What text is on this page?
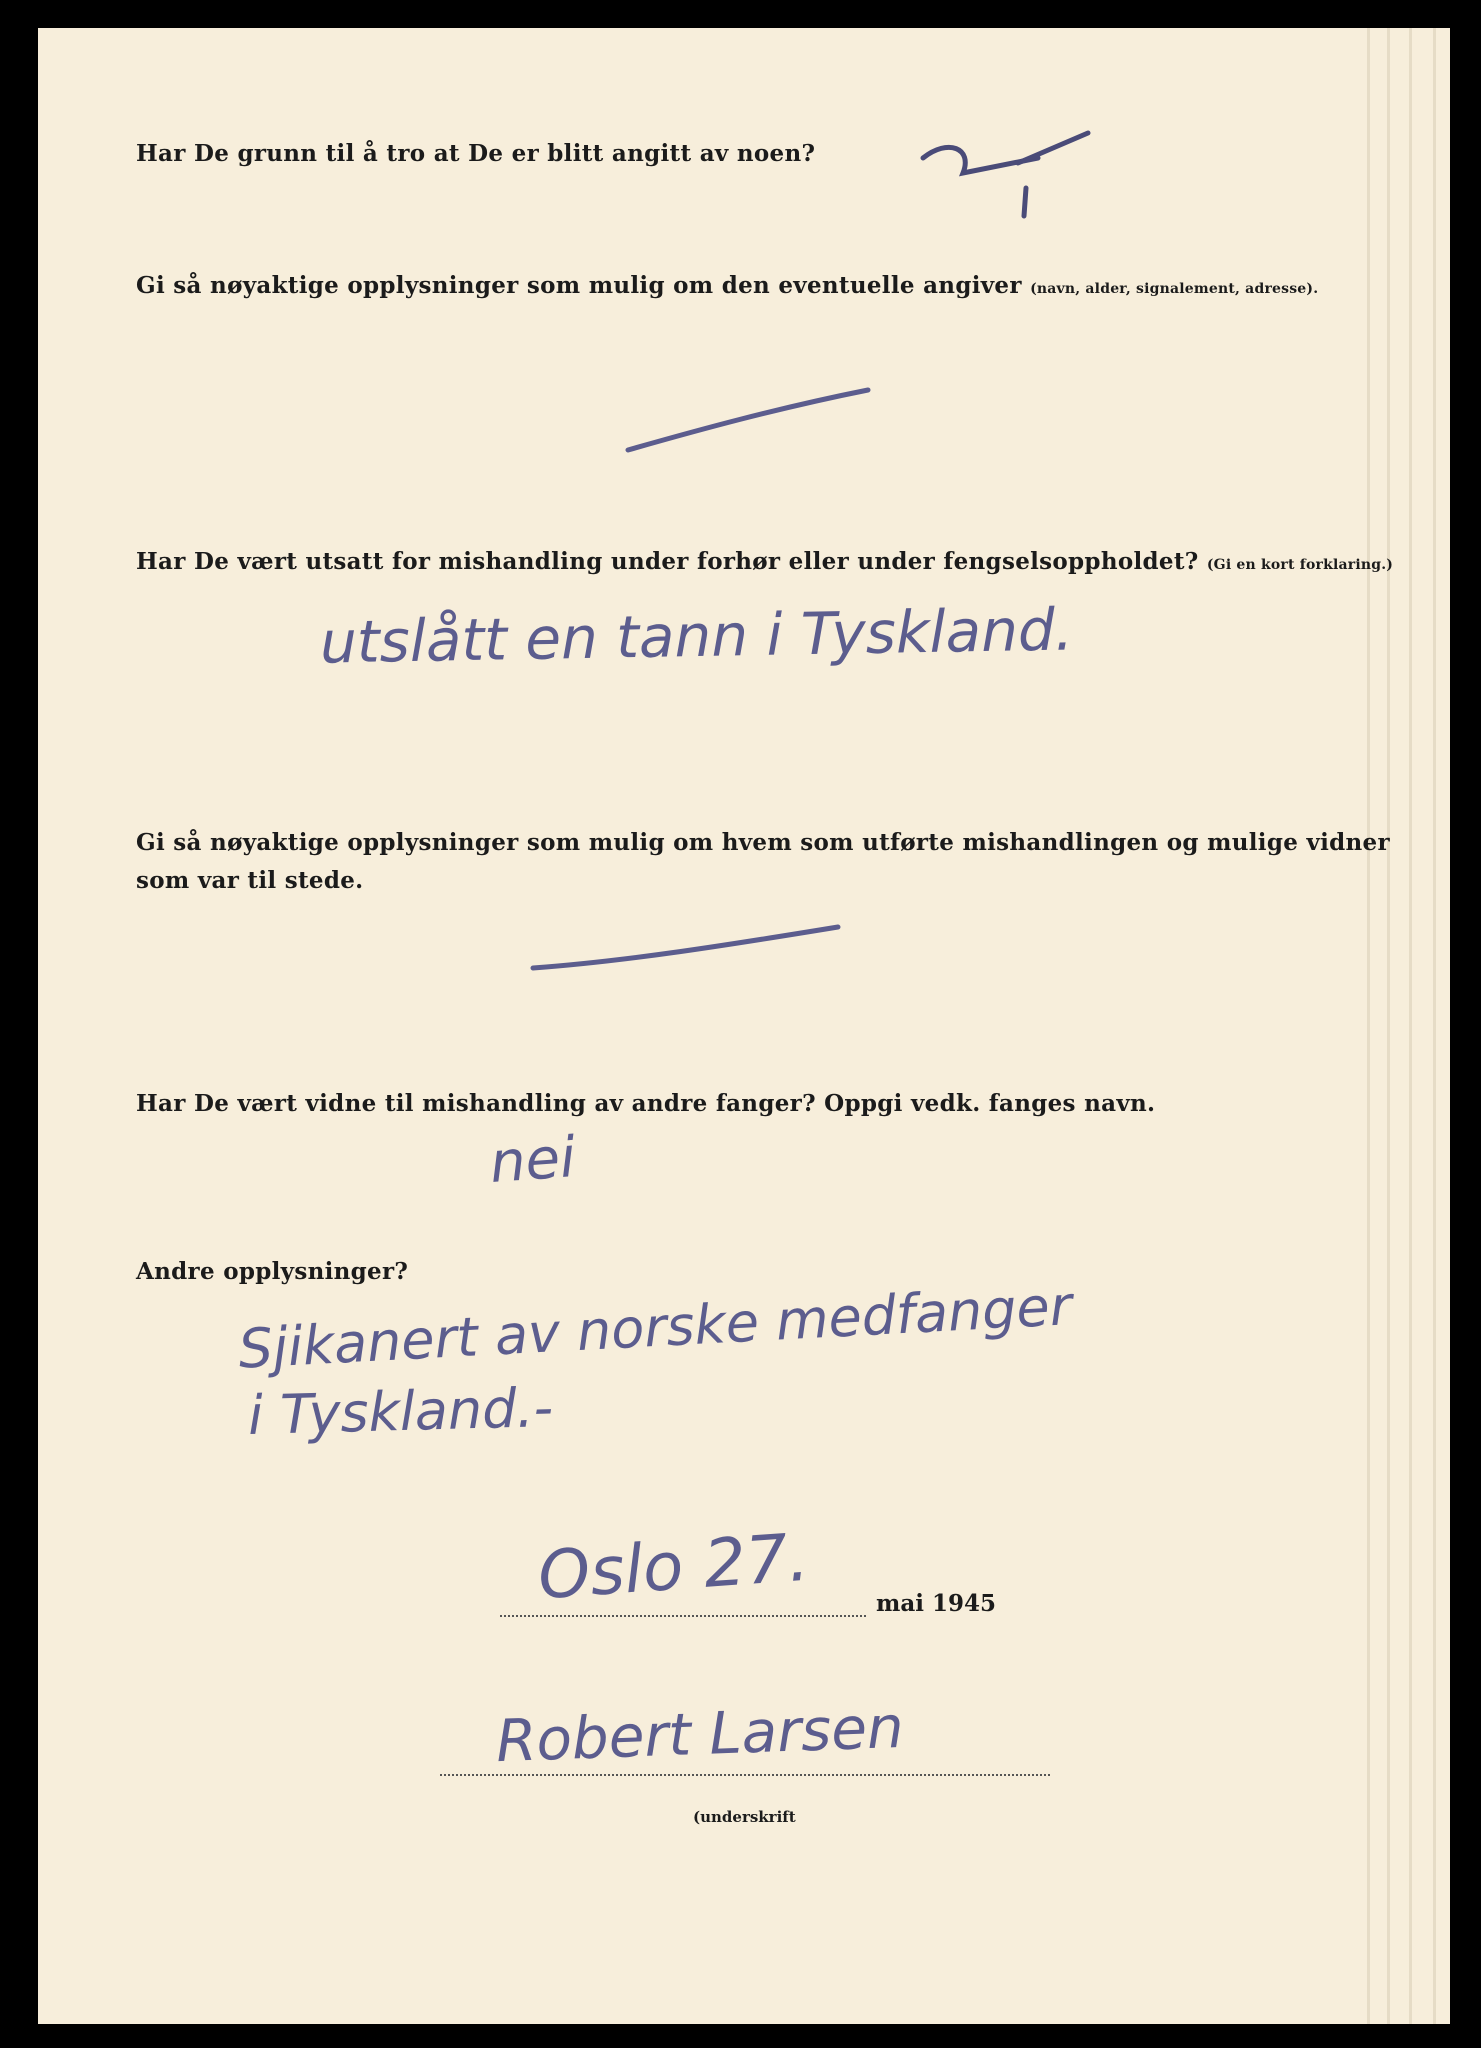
Har De grunn til å tro at De er blitt angitt av noen?
Gi så nøyaktige opplysninger som mulig om den eventuelle angiver (navn, alder, signalement, adresse).
Har De vært utsatt for mishandling under forhør eller under fengselsoppholdet? (Gi en kort forklaring.)
utslått en tann i Tyskland.
Gi så nøyaktige opplysninger som mulig om hvem som utførte mishandlingen og mulige vidner som var til stede.
Har De vært vidne til mishandling av andre fanger? Oppgi vedk. fanges navn.
nei
Andre opplysninger?
Sjikanert av norske medfanger
i Tyskland.-
Oslo 27.	mai 1945
Robert Larsen
(underskrift
